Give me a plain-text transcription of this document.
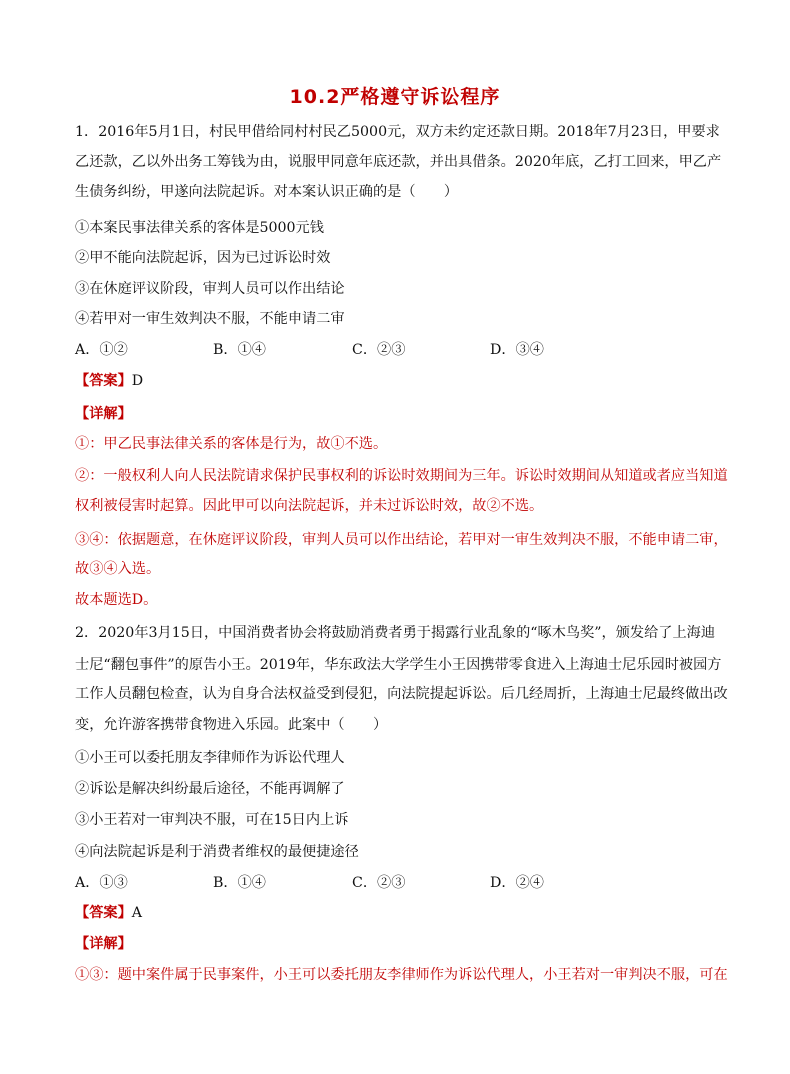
10.2严格遵守诉讼程序
1．2016年5月1日，村民甲借给同村村民乙5000元，双方未约定还款日期。2018年7月23日，甲要求
乙还款，乙以外出务工筹钱为由，说服甲同意年底还款，并出具借条。2020年底，乙打工回来，甲乙产
生债务纠纷，甲遂向法院起诉。对本案认识正确的是（　　）
①本案民事法律关系的客体是5000元钱
②甲不能向法院起诉，因为已过诉讼时效
③在休庭评议阶段，审判人员可以作出结论
④若甲对一审生效判决不服，不能申请二审
A．①②	B．①④	C．②③	D．③④
【答案】D
【详解】
①：甲乙民事法律关系的客体是行为，故①不选。
②：一般权利人向人民法院请求保护民事权利的诉讼时效期间为三年。诉讼时效期间从知道或者应当知道
权利被侵害时起算。因此甲可以向法院起诉，并未过诉讼时效，故②不选。
③④：依据题意，在休庭评议阶段，审判人员可以作出结论，若甲对一审生效判决不服，不能申请二审，
故③④入选。
故本题选D。
2．2020年3月15日，中国消费者协会将鼓励消费者勇于揭露行业乱象的“啄木鸟奖”，颁发给了上海迪
士尼“翻包事件”的原告小王。2019年，华东政法大学学生小王因携带零食进入上海迪士尼乐园时被园方
工作人员翻包检查，认为自身合法权益受到侵犯，向法院提起诉讼。后几经周折，上海迪士尼最终做出改
变，允许游客携带食物进入乐园。此案中（　　）
①小王可以委托朋友李律师作为诉讼代理人
②诉讼是解决纠纷最后途径，不能再调解了
③小王若对一审判决不服，可在15日内上诉
④向法院起诉是利于消费者维权的最便捷途径
A．①③	B．①④	C．②③	D．②④
【答案】A
【详解】
①③：题中案件属于民事案件，小王可以委托朋友李律师作为诉讼代理人，小王若对一审判决不服，可在
